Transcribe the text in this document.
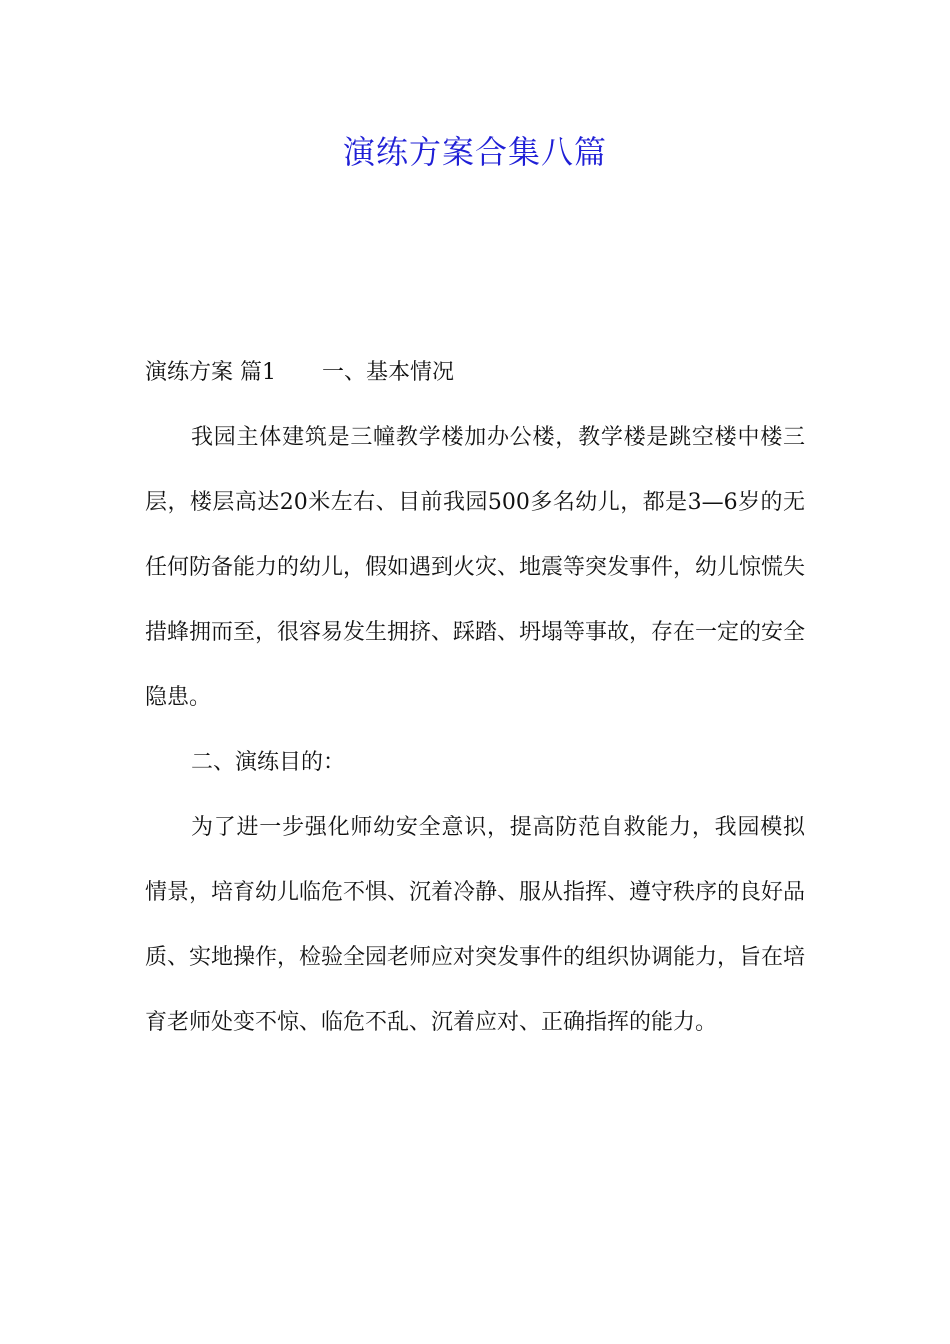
演练方案合集八篇

演练方案 篇1 一、基本情况

我园主体建筑是三幢教学楼加办公楼，教学楼是跳空楼中楼三层，楼层高达20米左右、目前我园500多名幼儿，都是3—6岁的无任何防备能力的幼儿，假如遇到火灾、地震等突发事件，幼儿惊慌失措蜂拥而至，很容易发生拥挤、踩踏、坍塌等事故，存在一定的安全隐患。

二、演练目的：

为了进一步强化师幼安全意识，提高防范自救能力，我园模拟情景，培育幼儿临危不惧、沉着冷静、服从指挥、遵守秩序的良好品质、实地操作，检验全园老师应对突发事件的组织协调能力，旨在培育老师处变不惊、临危不乱、沉着应对、正确指挥的能力。
